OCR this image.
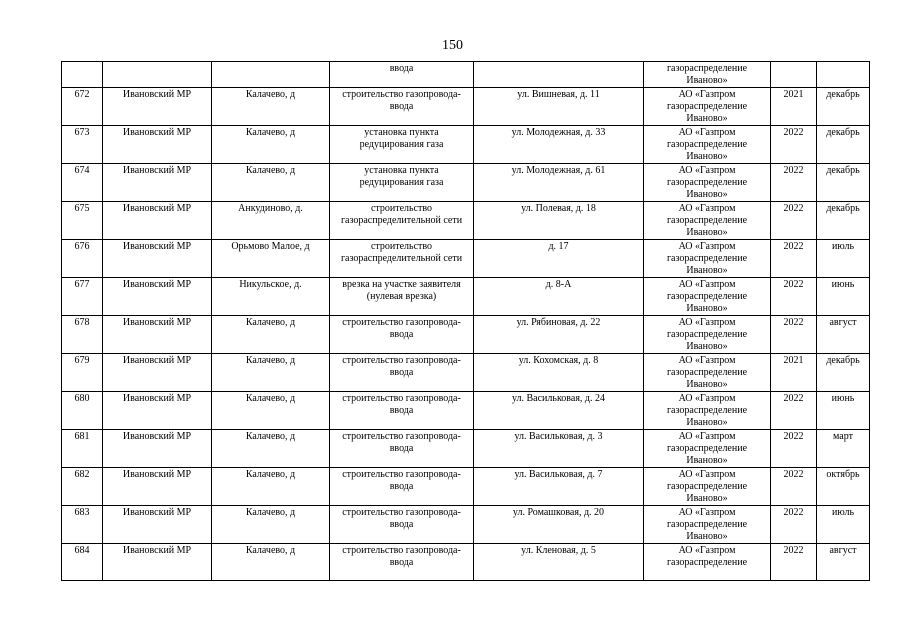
150
			ввода		газораспределение Иваново»		
672	Ивановский МР	Калачево, д	строительство газопровода-ввода	ул. Вишневая, д. 11	АО «Газпром газораспределение Иваново»	2021	декабрь
673	Ивановский МР	Калачево, д	установка пункта редуцирования газа	ул. Молодежная, д. 33	АО «Газпром газораспределение Иваново»	2022	декабрь
674	Ивановский МР	Калачево, д	установка пункта редуцирования газа	ул. Молодежная, д. 61	АО «Газпром газораспределение Иваново»	2022	декабрь
675	Ивановский МР	Анкудиново, д.	строительство газораспределительной сети	ул. Полевая, д. 18	АО «Газпром газораспределение Иваново»	2022	декабрь
676	Ивановский МР	Орьмово Малое, д	строительство газораспределительной сети	д. 17	АО «Газпром газораспределение Иваново»	2022	июль
677	Ивановский МР	Никульское, д.	врезка на участке заявителя (нулевая врезка)	д. 8-А	АО «Газпром газораспределение Иваново»	2022	июнь
678	Ивановский МР	Калачево, д	строительство газопровода-ввода	ул. Рябиновая, д. 22	АО «Газпром газораспределение Иваново»	2022	август
679	Ивановский МР	Калачево, д	строительство газопровода-ввода	ул. Кохомская, д. 8	АО «Газпром газораспределение Иваново»	2021	декабрь
680	Ивановский МР	Калачево, д	строительство газопровода-ввода	ул. Васильковая, д. 24	АО «Газпром газораспределение Иваново»	2022	июнь
681	Ивановский МР	Калачево, д	строительство газопровода-ввода	ул. Васильковая, д. 3	АО «Газпром газораспределение Иваново»	2022	март
682	Ивановский МР	Калачево, д	строительство газопровода-ввода	ул. Васильковая, д. 7	АО «Газпром газораспределение Иваново»	2022	октябрь
683	Ивановский МР	Калачево, д	строительство газопровода-ввода	ул. Ромашковая, д. 20	АО «Газпром газораспределение Иваново»	2022	июль
684	Ивановский МР	Калачево, д	строительство газопровода-ввода	ул. Кленовая, д. 5	АО «Газпром газораспределение	2022	август
